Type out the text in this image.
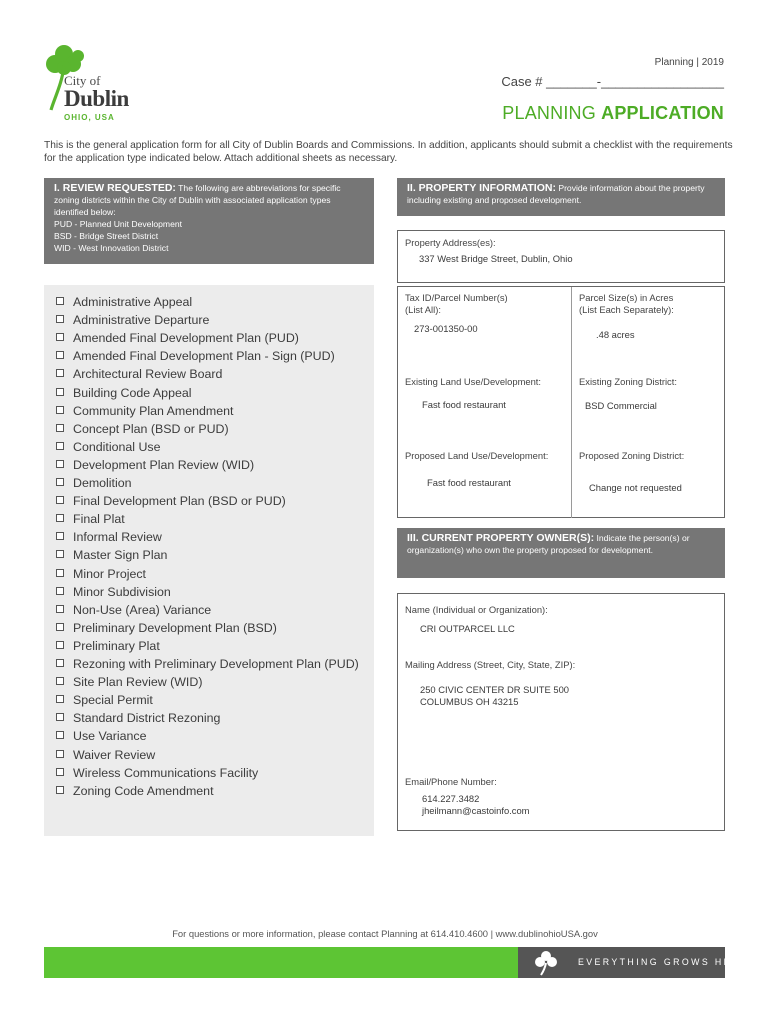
City of
Dublin
OHIO, USA
Planning | 2019
Case # _______-_________________
PLANNING APPLICATION
This is the general application form for all City of Dublin Boards and Commissions. In addition, applicants should submit a checklist with the requirements for the application type indicated below. Attach additional sheets as necessary.
I. REVIEW REQUESTED: The following are abbreviations for specific zoning districts within the City of Dublin with associated application types identified below:
PUD - Planned Unit Development
BSD - Bridge Street District
WID - West Innovation District
Administrative Appeal
Administrative Departure
Amended Final Development Plan (PUD)
Amended Final Development Plan - Sign (PUD)
Architectural Review Board
Building Code Appeal
Community Plan Amendment
Concept Plan (BSD or PUD)
Conditional Use
Development Plan Review (WID)
Demolition
Final Development Plan (BSD or PUD)
Final Plat
Informal Review
Master Sign Plan
Minor Project
Minor Subdivision
Non-Use (Area) Variance
Preliminary Development Plan (BSD)
Preliminary Plat
Rezoning with Preliminary Development Plan (PUD)
Site Plan Review (WID)
Special Permit
Standard District Rezoning
Use Variance
Waiver Review
Wireless Communications Facility
Zoning Code Amendment
II. PROPERTY INFORMATION: Provide information about the property including existing and proposed development.
Property Address(es):
337 West Bridge Street, Dublin, Ohio
Tax ID/Parcel Number(s)
(List All):
273-001350-00
Parcel Size(s) in Acres
(List Each Separately):
.48 acres
Existing Land Use/Development:
Fast food restaurant
Existing Zoning District:
BSD Commercial
Proposed Land Use/Development:
Fast food restaurant
Proposed Zoning District:
Change not requested
III. CURRENT PROPERTY OWNER(S): Indicate the person(s) or organization(s) who own the property proposed for development.
Name (Individual or Organization):
CRI OUTPARCEL LLC
Mailing Address (Street, City, State, ZIP):
250 CIVIC CENTER DR SUITE 500
COLUMBUS OH 43215
Email/Phone Number:
614.227.3482
jheilmann@castoinfo.com
For questions or more information, please contact Planning at 614.410.4600 | www.dublinohioUSA.gov
EVERYTHING GROWS HERE.
